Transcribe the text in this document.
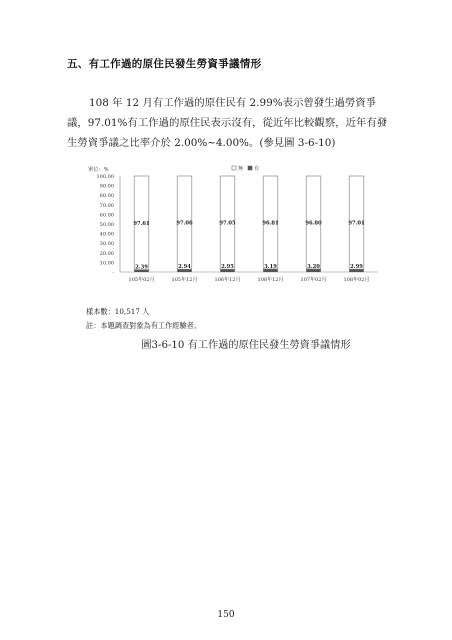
五、有工作過的原住民發生勞資爭議情形
108 年 12 月有工作過的原住民有 2.99%表示曾發生過勞資爭議，97.01%有工作過的原住民表示沒有，從近年比較觀察，近年有發生勞資爭議之比率介於 2.00%~4.00%。(參見圖 3-6-10)
單位：%	無 有
100.00
90.00
80.00
70.00
60.00
50.00
40.00
30.00
20.00
10.00
-
97.61
2.39
105年02月
97.06
2.94
105年12月
97.05
2.95
106年12月
96.81
3.19
108年12月
96.80
3.20
107年02月
97.01
2.99
108年02月
樣本數：10,517 人
註：本題調查對象為有工作經驗者。
圖3-6-10 有工作過的原住民發生勞資爭議情形
150
